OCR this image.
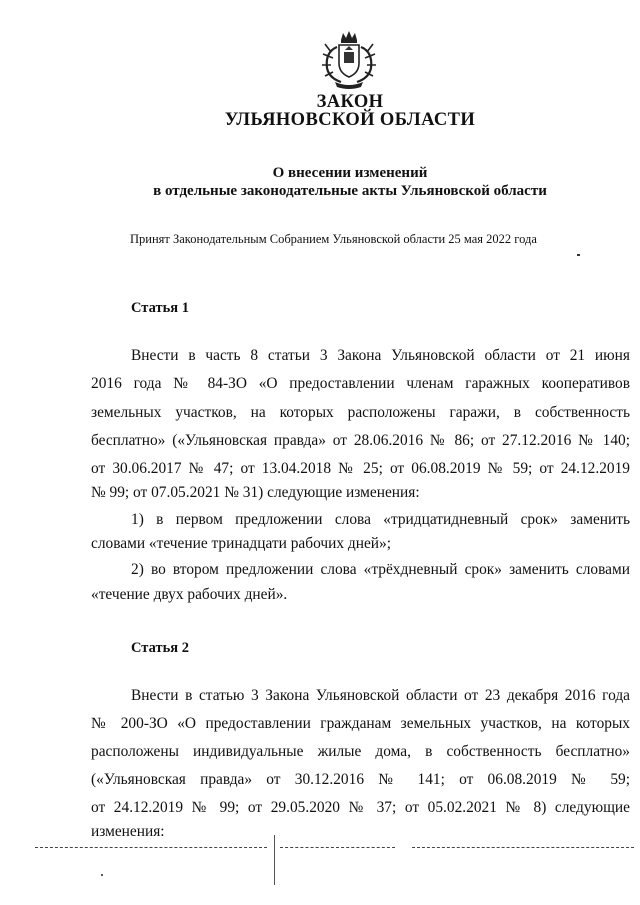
ЗАКОН
УЛЬЯНОВСКОЙ ОБЛАСТИ
О внесении изменений
в отдельные законодательные акты Ульяновской области
Принят Законодательным Собранием Ульяновской области 25 мая 2022 года
Статья 1
Внести в часть 8 статьи 3 Закона Ульяновской области от 21 июня
2016 года № 84-ЗО «О предоставлении членам гаражных кооперативов
земельных участков, на которых расположены гаражи, в собственность
бесплатно» («Ульяновская правда» от 28.06.2016 № 86; от 27.12.2016 № 140;
от 30.06.2017 № 47; от 13.04.2018 № 25; от 06.08.2019 № 59; от 24.12.2019
№ 99; от 07.05.2021 № 31) следующие изменения:
1) в первом предложении слова «тридцатидневный срок» заменить
словами «течение тринадцати рабочих дней»;
2) во втором предложении слова «трёхдневный срок» заменить словами
«течение двух рабочих дней».
Статья 2
Внести в статью 3 Закона Ульяновской области от 23 декабря 2016 года
№ 200-ЗО «О предоставлении гражданам земельных участков, на которых
расположены индивидуальные жилые дома, в собственность бесплатно»
(«Ульяновская правда» от 30.12.2016 № 141; от 06.08.2019 № 59;
от 24.12.2019 № 99; от 29.05.2020 № 37; от 05.02.2021 № 8) следующие
изменения:
